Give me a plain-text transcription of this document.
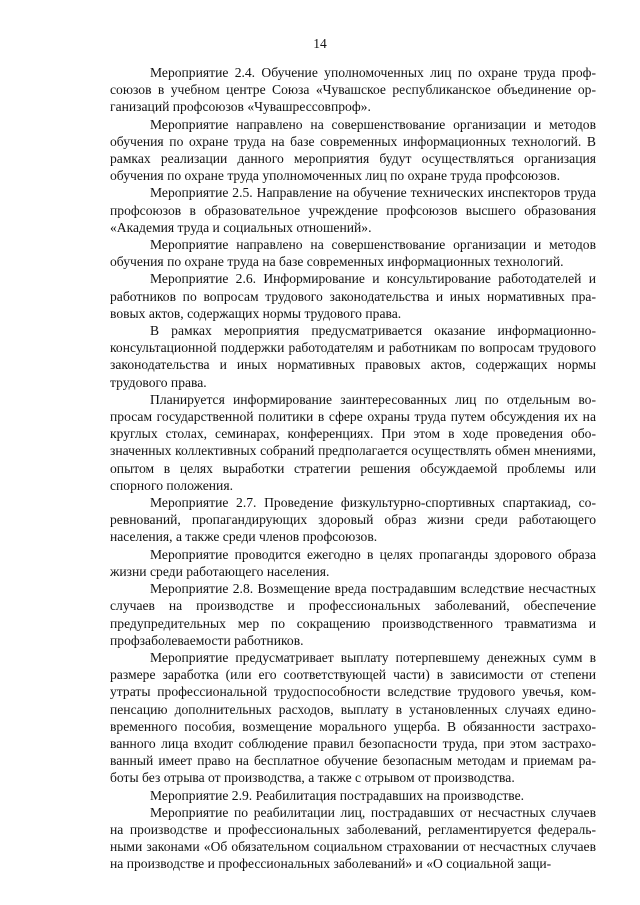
14

Мероприятие 2.4. Обучение уполномоченных лиц по охране труда профсоюзов в учебном центре Союза «Чувашское республиканское объединение организаций профсоюзов «Чувашрессовпроф».

Мероприятие направлено на совершенствование организации и методов обучения по охране труда на базе современных информационных технологий. В рамках реализации данного мероприятия будут осуществляться организация обучения по охране труда уполномоченных лиц по охране труда профсоюзов.

Мероприятие 2.5. Направление на обучение технических инспекторов труда профсоюзов в образовательное учреждение профсоюзов высшего образования «Академия труда и социальных отношений».

Мероприятие направлено на совершенствование организации и методов обучения по охране труда на базе современных информационных технологий.

Мероприятие 2.6. Информирование и консультирование работодателей и работников по вопросам трудового законодательства и иных нормативных правовых актов, содержащих нормы трудового права.

В рамках мероприятия предусматривается оказание информационно-консультационной поддержки работодателям и работникам по вопросам трудового законодательства и иных нормативных правовых актов, содержащих нормы трудового права.

Планируется информирование заинтересованных лиц по отдельным вопросам государственной политики в сфере охраны труда путем обсуждения их на круглых столах, семинарах, конференциях. При этом в ходе проведения обозначенных коллективных собраний предполагается осуществлять обмен мнениями, опытом в целях выработки стратегии решения обсуждаемой проблемы или спорного положения.

Мероприятие 2.7. Проведение физкультурно-спортивных спартакиад, соревнований, пропагандирующих здоровый образ жизни среди работающего населения, а также среди членов профсоюзов.

Мероприятие проводится ежегодно в целях пропаганды здорового образа жизни среди работающего населения.

Мероприятие 2.8. Возмещение вреда пострадавшим вследствие несчастных случаев на производстве и профессиональных заболеваний, обеспечение предупредительных мер по сокращению производственного травматизма и профзаболеваемости работников.

Мероприятие предусматривает выплату потерпевшему денежных сумм в размере заработка (или его соответствующей части) в зависимости от степени утраты профессиональной трудоспособности вследствие трудового увечья, компенсацию дополнительных расходов, выплату в установленных случаях единовременного пособия, возмещение морального ущерба. В обязанности застрахованного лица входит соблюдение правил безопасности труда, при этом застрахованный имеет право на бесплатное обучение безопасным методам и приемам работы без отрыва от производства, а также с отрывом от производства.

Мероприятие 2.9. Реабилитация пострадавших на производстве.

Мероприятие по реабилитации лиц, пострадавших от несчастных случаев на производстве и профессиональных заболеваний, регламентируется федеральными законами «Об обязательном социальном страховании от несчастных случаев на производстве и профессиональных заболеваний» и «О социальной защи-
